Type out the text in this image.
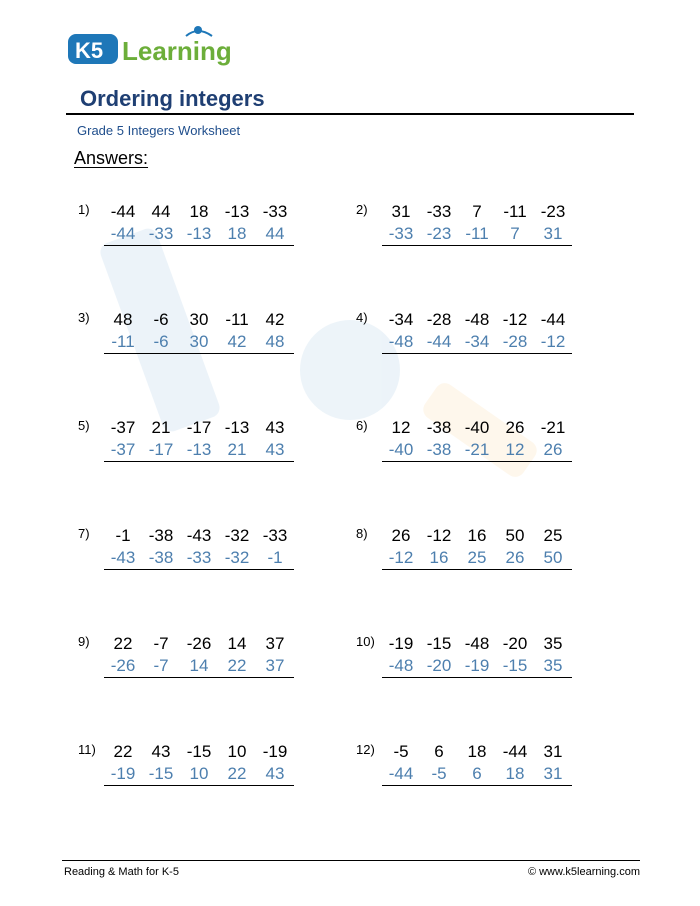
K5 Learning
Ordering integers
Grade 5 Integers Worksheet
Answers:
1)	-44 44	18 -13 -33
-44 -33 -13 18	44
2)	31 -33	7	-11 -23
-33 -23 -11	7	31
3)	48	-6	30 -11 42
-11	-6	30	42	48
4)	-34 -28 -48 -12 -44
-48 -44 -34 -28 -12
5)	-37 21 -17 -13 43
-37 -17 -13 21	43
6)	12 -38 -40 26 -21
-40 -38 -21 12	26
7)	-1	-38 -43 -32 -33
-43 -38 -33 -32	-1
8)	26 -12 16	50	25
-12 16	25	26	50
9)	22	-7	-26 14	37
-26	-7	14	22	37
10) -19 -15 -48 -20 35
-48 -20 -19 -15 35
11)	22	43 -15 10 -19
-19 -15 10	22	43
12)	-5	6	18 -44 31
-44	-5	6	18	31
Reading & Math for K-5	© www.k5learning.com
